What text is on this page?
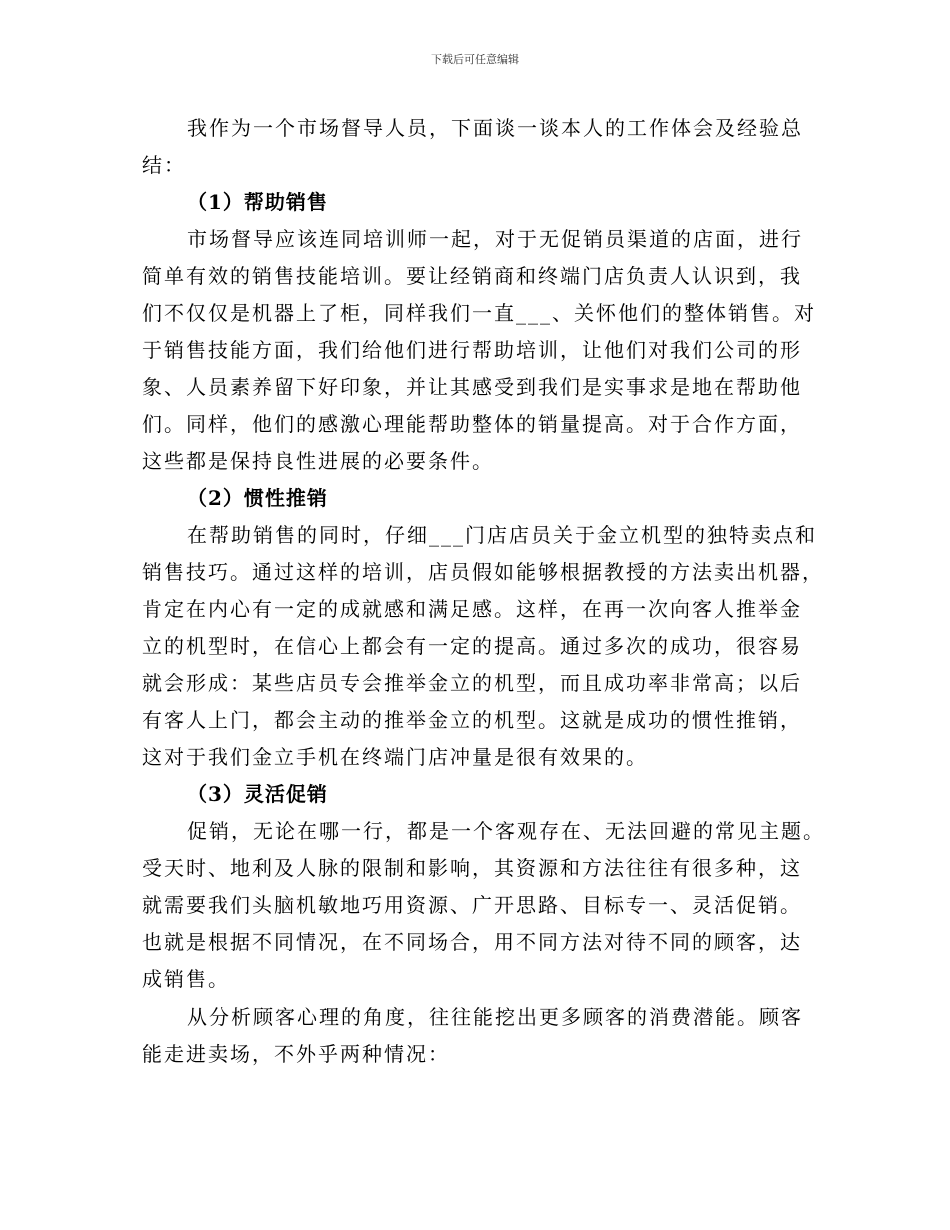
下载后可任意编辑
我作为一个市场督导人员，下面谈一谈本人的工作体会及经验总
结：
（1）帮助销售
市场督导应该连同培训师一起，对于无促销员渠道的店面，进行
简单有效的销售技能培训。要让经销商和终端门店负责人认识到，我
们不仅仅是机器上了柜，同样我们一直___、关怀他们的整体销售。对
于销售技能方面，我们给他们进行帮助培训，让他们对我们公司的形
象、人员素养留下好印象，并让其感受到我们是实事求是地在帮助他
们。同样，他们的感激心理能帮助整体的销量提高。对于合作方面，
这些都是保持良性进展的必要条件。
（2）惯性推销
在帮助销售的同时，仔细___门店店员关于金立机型的独特卖点和
销售技巧。通过这样的培训，店员假如能够根据教授的方法卖出机器，
肯定在内心有一定的成就感和满足感。这样，在再一次向客人推举金
立的机型时，在信心上都会有一定的提高。通过多次的成功，很容易
就会形成：某些店员专会推举金立的机型，而且成功率非常高；以后
有客人上门，都会主动的推举金立的机型。这就是成功的惯性推销，
这对于我们金立手机在终端门店冲量是很有效果的。
（3）灵活促销
促销，无论在哪一行，都是一个客观存在、无法回避的常见主题。
受天时、地利及人脉的限制和影响，其资源和方法往往有很多种，这
就需要我们头脑机敏地巧用资源、广开思路、目标专一、灵活促销。
也就是根据不同情况，在不同场合，用不同方法对待不同的顾客，达
成销售。
从分析顾客心理的角度，往往能挖出更多顾客的消费潜能。顾客
能走进卖场，不外乎两种情况：
